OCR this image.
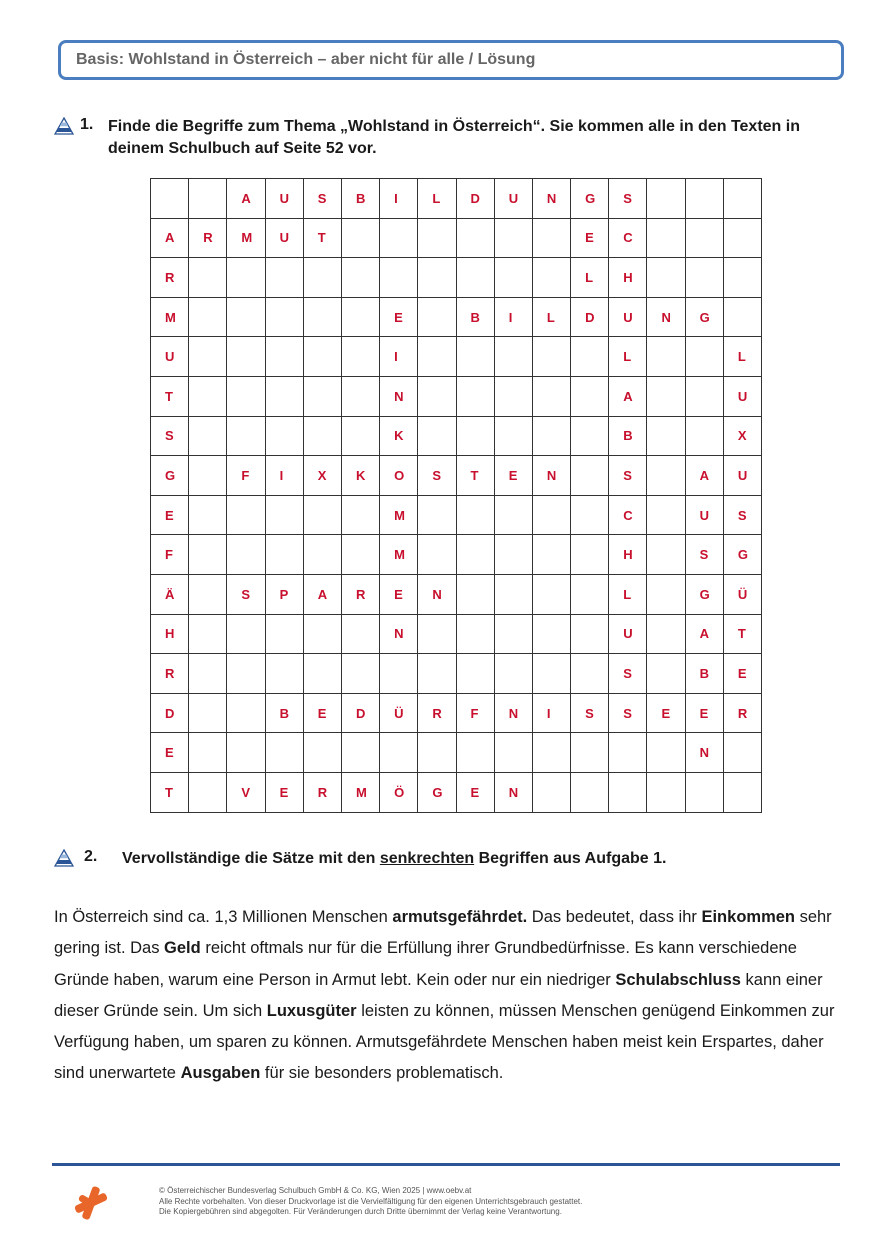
Basis: Wohlstand in Österreich – aber nicht für alle / Lösung
1. Finde die Begriffe zum Thema „Wohlstand in Österreich“. Sie kommen alle in den Texten in deinem Schulbuch auf Seite 52 vor.
		A	U	S	B	I	L	D	U	N	G	S			
A	R	M	U	T							E	C			
R											L	H			
M						E		B	I	L	D	U	N	G	
U						I						L			L
T						N						A			U
S						K						B			X
G		F	I	X	K	O	S	T	E	N		S		A	U
E						M						C		U	S
F						M						H		S	G
Ä		S	P	A	R	E	N					L		G	Ü
H						N						U		A	T
R												S		B	E
D			B	E	D	Ü	R	F	N	I	S	S	E	E	R
E														N	
T		V	E	R	M	Ö	G	E	N						
2.	Vervollständige die Sätze mit den senkrechten Begriffen aus Aufgabe 1.

In Österreich sind ca. 1,3 Millionen Menschen armutsgefährdet. Das bedeutet, dass ihr Einkommen sehr gering ist. Das Geld reicht oftmals nur für die Erfüllung ihrer Grundbedürfnisse. Es kann verschiedene Gründe haben, warum eine Person in Armut lebt. Kein oder nur ein niedriger Schulabschluss kann einer dieser Gründe sein. Um sich Luxusgüter leisten zu können, müssen Menschen genügend Einkommen zur Verfügung haben, um sparen zu können. Armutsgefährdete Menschen haben meist kein Erspartes, daher sind unerwartete Ausgaben für sie besonders problematisch.

© Österreichischer Bundesverlag Schulbuch GmbH & Co. KG, Wien 2025 | www.oebv.at
Alle Rechte vorbehalten. Von dieser Druckvorlage ist die Vervielfältigung für den eigenen Unterrichtsgebrauch gestattet.
Die Kopiergebühren sind abgegolten. Für Veränderungen durch Dritte übernimmt der Verlag keine Verantwortung.
